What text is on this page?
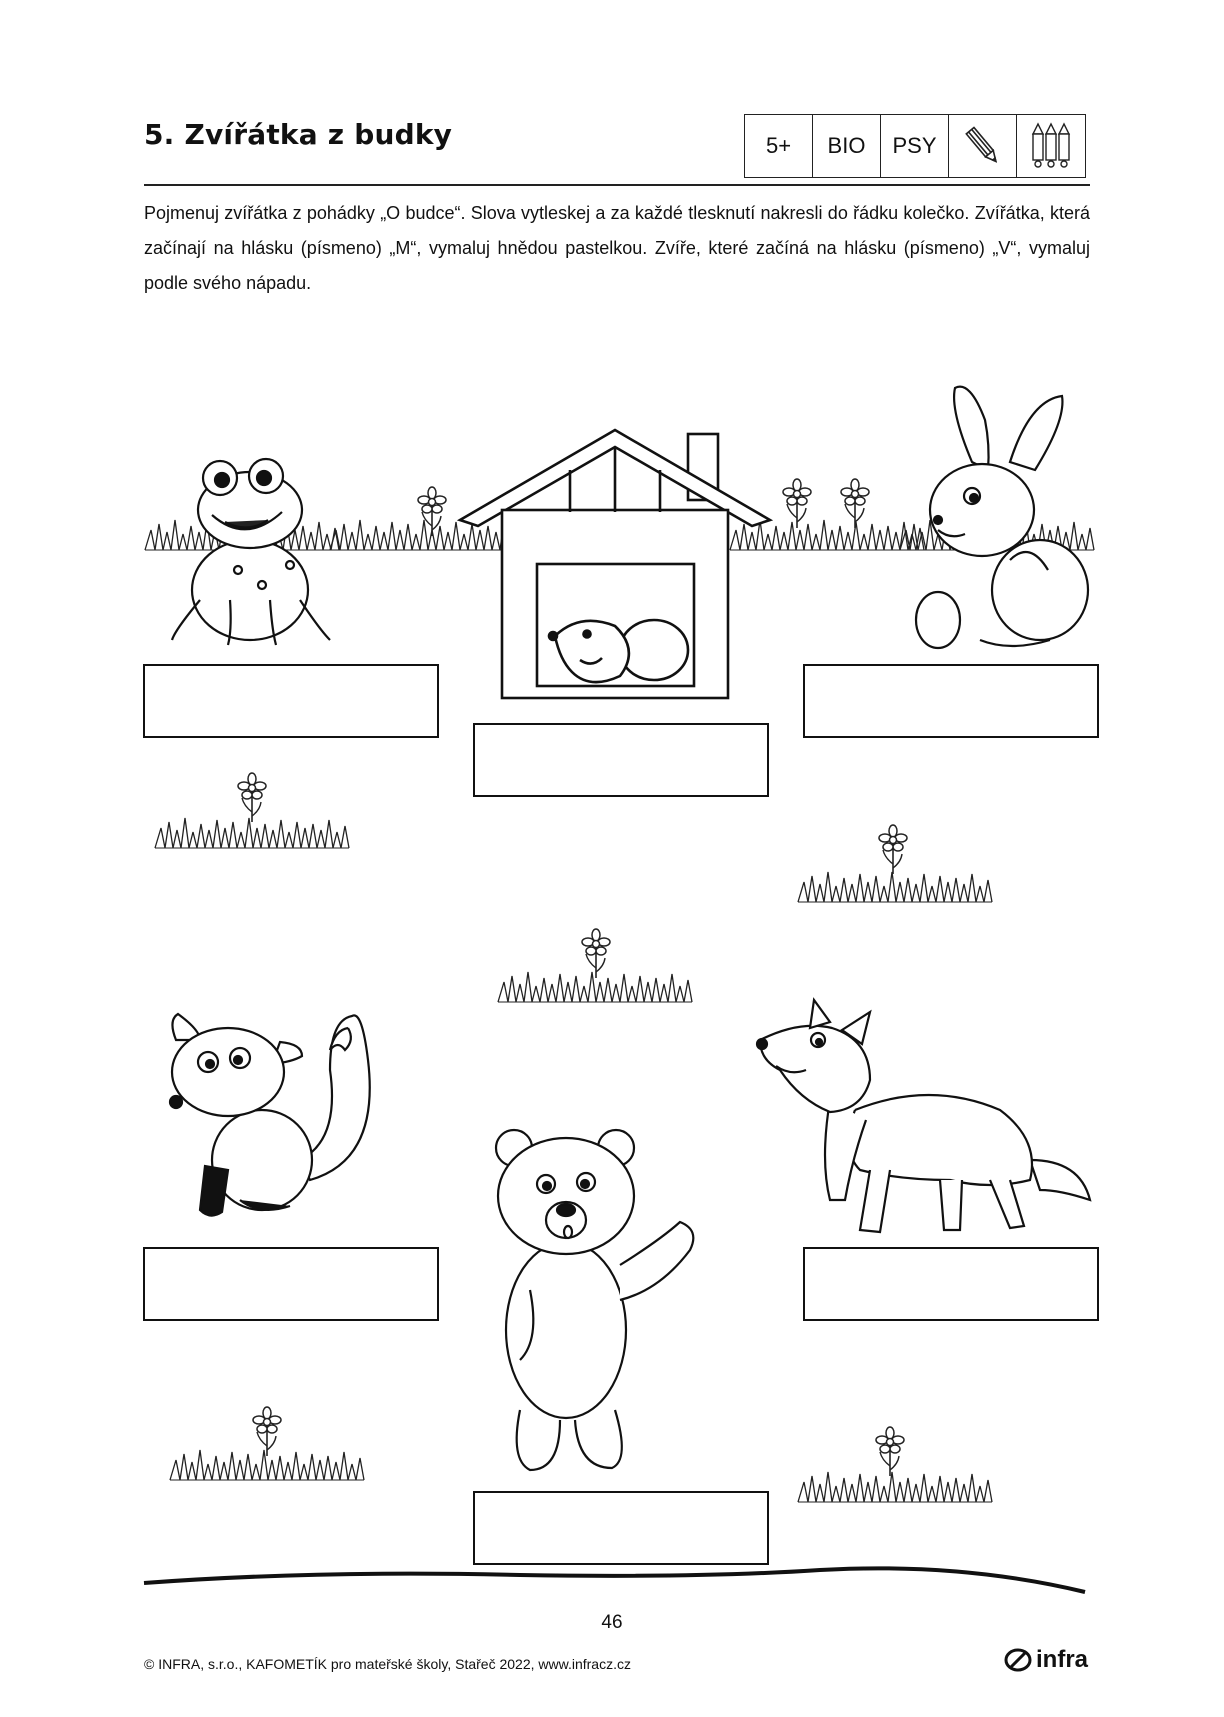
5. Zvířátka z budky	5+	BIO	PSY
Pojmenuj zvířátka z pohádky „O budce“. Slova vytleskej a za každé tlesknutí nakresli do řádku kolečko. Zvířátka, která začínají na hlásku (písmeno) „M“, vymaluj hnědou pastelkou. Zvíře, které začíná na hlásku (písmeno) „V“, vymaluj podle svého nápadu.
46
© INFRA, s.r.o., KAFOMETÍK pro mateřské školy, Stařeč 2022, www.infracz.cz	infra
